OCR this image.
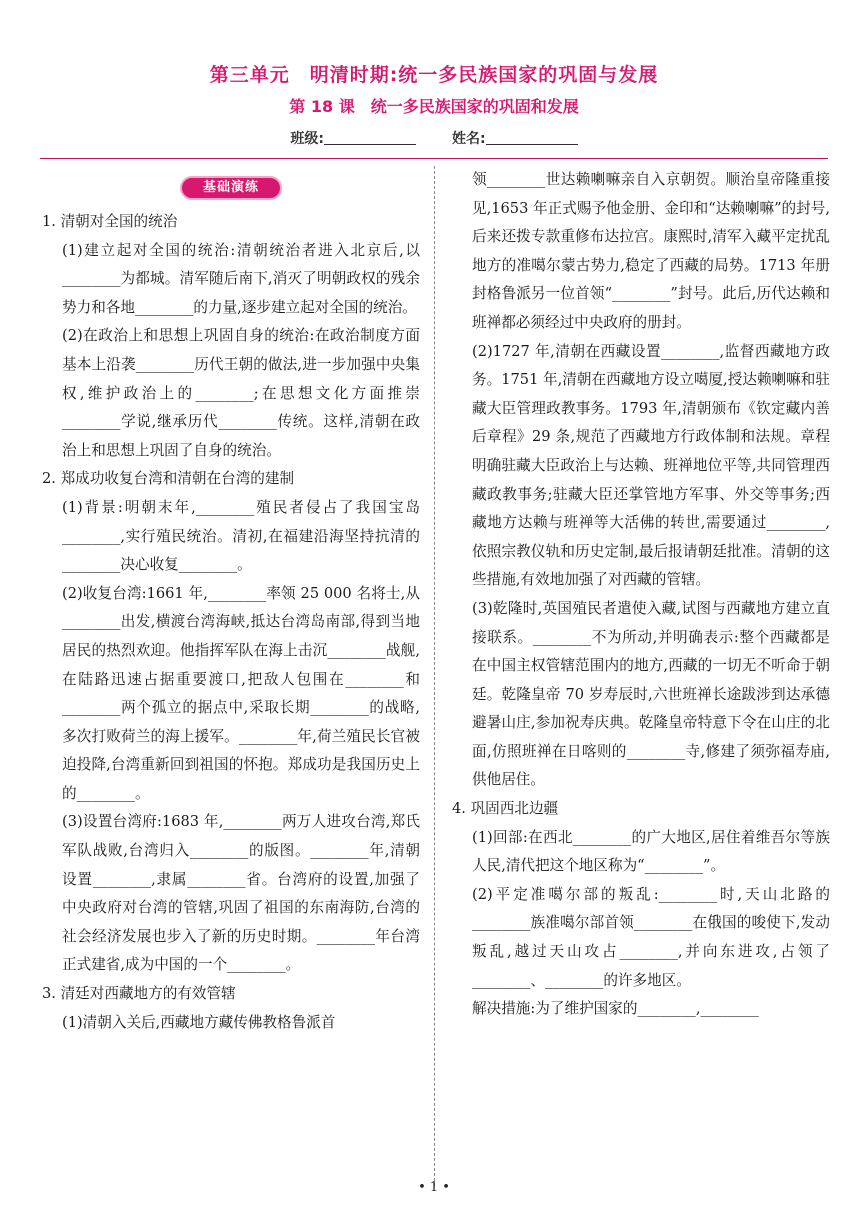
第三单元　明清时期:统一多民族国家的巩固与发展
第 18 课　统一多民族国家的巩固和发展
班级:	姓名:
基础演练

1. 清朝对全国的统治

(1)建立起对全国的统治:清朝统治者进入北京后,以________为都城。清军随后南下,消灭了明朝政权的残余势力和各地________的力量,逐步建立起对全国的统治。

(2)在政治上和思想上巩固自身的统治:在政治制度方面基本上沿袭________历代王朝的做法,进一步加强中央集权,维护政治上的________;在思想文化方面推崇________学说,继承历代________传统。这样,清朝在政治上和思想上巩固了自身的统治。

2. 郑成功收复台湾和清朝在台湾的建制

(1)背景:明朝末年,________殖民者侵占了我国宝岛________,实行殖民统治。清初,在福建沿海坚持抗清的________决心收复________。

(2)收复台湾:1661 年,________率领 25 000 名将士,从________出发,横渡台湾海峡,抵达台湾岛南部,得到当地居民的热烈欢迎。他指挥军队在海上击沉________战舰,在陆路迅速占据重要渡口,把敌人包围在________和________两个孤立的据点中,采取长期________的战略,多次打败荷兰的海上援军。________年,荷兰殖民长官被迫投降,台湾重新回到祖国的怀抱。郑成功是我国历史上的________。

(3)设置台湾府:1683 年,________两万人进攻台湾,郑氏军队战败,台湾归入________的版图。________年,清朝设置________,隶属________省。台湾府的设置,加强了中央政府对台湾的管辖,巩固了祖国的东南海防,台湾的社会经济发展也步入了新的历史时期。________年台湾正式建省,成为中国的一个________。

3. 清廷对西藏地方的有效管辖

(1)清朝入关后,西藏地方藏传佛教格鲁派首

领________世达赖喇嘛亲自入京朝贺。顺治皇帝隆重接见,1653 年正式赐予他金册、金印和“达赖喇嘛”的封号,后来还拨专款重修布达拉宫。康熙时,清军入藏平定扰乱地方的准噶尔蒙古势力,稳定了西藏的局势。1713 年册封格鲁派另一位首领“________”封号。此后,历代达赖和班禅都必须经过中央政府的册封。

(2)1727 年,清朝在西藏设置________,监督西藏地方政务。1751 年,清朝在西藏地方设立噶厦,授达赖喇嘛和驻藏大臣管理政教事务。1793 年,清朝颁布《钦定藏内善后章程》29 条,规范了西藏地方行政体制和法规。章程明确驻藏大臣政治上与达赖、班禅地位平等,共同管理西藏政教事务;驻藏大臣还掌管地方军事、外交等事务;西藏地方达赖与班禅等大活佛的转世,需要通过________,依照宗教仪轨和历史定制,最后报请朝廷批准。清朝的这些措施,有效地加强了对西藏的管辖。

(3)乾隆时,英国殖民者遣使入藏,试图与西藏地方建立直接联系。________不为所动,并明确表示:整个西藏都是在中国主权管辖范围内的地方,西藏的一切无不听命于朝廷。乾隆皇帝 70 岁寿辰时,六世班禅长途跋涉到达承德避暑山庄,参加祝寿庆典。乾隆皇帝特意下令在山庄的北面,仿照班禅在日喀则的________寺,修建了须弥福寿庙,供他居住。

4. 巩固西北边疆

(1)回部:在西北________的广大地区,居住着维吾尔等族人民,清代把这个地区称为“________”。

(2)平定准噶尔部的叛乱:________时,天山北路的________族准噶尔部首领________在俄国的唆使下,发动叛乱,越过天山攻占________,并向东进攻,占领了________、________的许多地区。

解决措施:为了维护国家的________,________

• 1 •
